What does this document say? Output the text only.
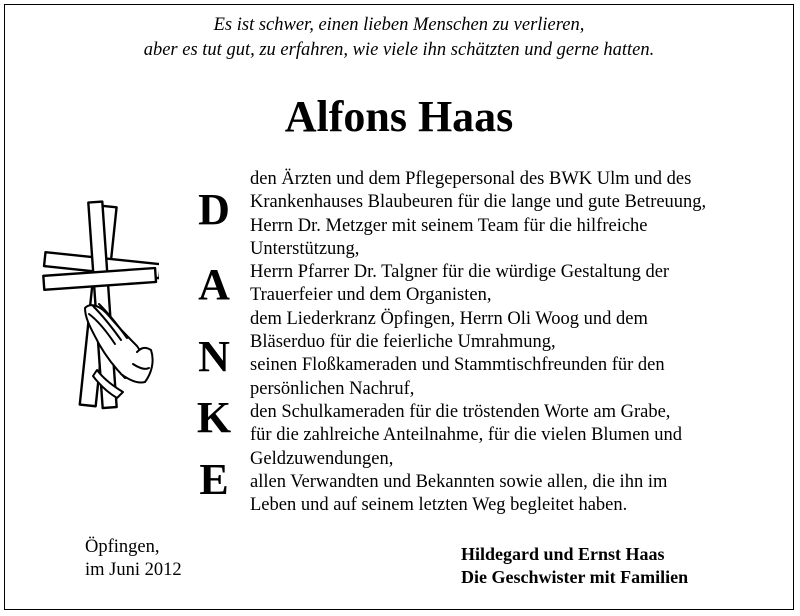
Es ist schwer, einen lieben Menschen zu verlieren,
aber es tut gut, zu erfahren, wie viele ihn schätzten und gerne hatten.
Alfons Haas
D
A
N
K
E
den Ärzten und dem Pflegepersonal des BWK Ulm und des
Krankenhauses Blaubeuren für die lange und gute Betreuung,
Herrn Dr. Metzger mit seinem Team für die hilfreiche
Unterstützung,
Herrn Pfarrer Dr. Talgner für die würdige Gestaltung der
Trauerfeier und dem Organisten,
dem Liederkranz Öpfingen, Herrn Oli Woog und dem
Bläserduo für die feierliche Umrahmung,
seinen Floßkameraden und Stammtischfreunden für den
persönlichen Nachruf,
den Schulkameraden für die tröstenden Worte am Grabe,
für die zahlreiche Anteilnahme, für die vielen Blumen und
Geldzuwendungen,
allen Verwandten und Bekannten sowie allen, die ihn im
Leben und auf seinem letzten Weg begleitet haben.
Öpfingen,
im Juni 2012
Hildegard und Ernst Haas
Die Geschwister mit Familien
